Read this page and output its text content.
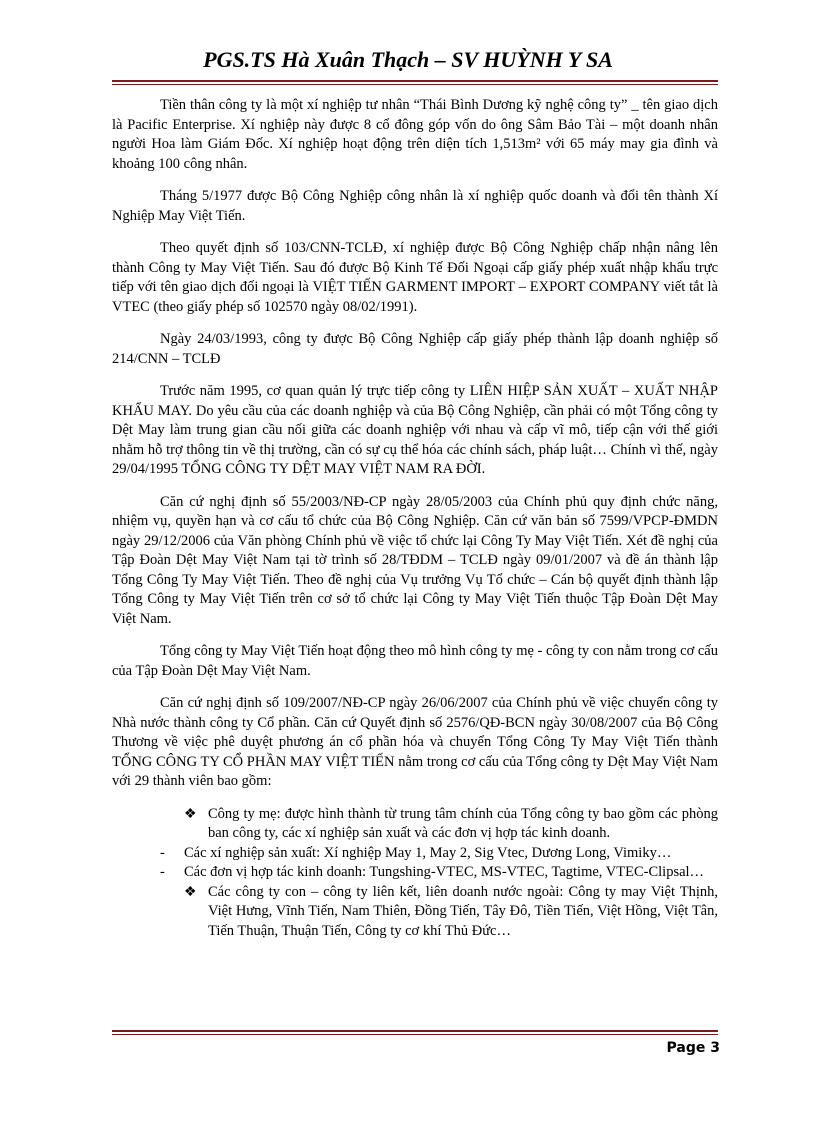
PGS.TS Hà Xuân Thạch – SV HUỲNH Y SA

Tiền thân công ty là một xí nghiệp tư nhân “Thái Bình Dương kỹ nghệ công ty” _ tên giao dịch là Pacific Enterprise. Xí nghiệp này được 8 cổ đông góp vốn do ông Sâm Bảo Tài – một doanh nhân người Hoa làm Giám Đốc. Xí nghiệp hoạt động trên diện tích 1,513m² với 65 máy may gia đình và khoảng 100 công nhân.

Tháng 5/1977 được Bộ Công Nghiệp công nhân là xí nghiệp quốc doanh và đổi tên thành Xí Nghiệp May Việt Tiến.

Theo quyết định số 103/CNN-TCLĐ, xí nghiệp được Bộ Công Nghiệp chấp nhận nâng lên thành Công ty May Việt Tiến. Sau đó được Bộ Kinh Tế Đối Ngoại cấp giấy phép xuất nhập khẩu trực tiếp với tên giao dịch đối ngoại là VIỆT TIẾN GARMENT IMPORT – EXPORT COMPANY viết tắt là VTEC (theo giấy phép số 102570 ngày 08/02/1991).

Ngày 24/03/1993, công ty được Bộ Công Nghiệp cấp giấy phép thành lập doanh nghiệp số 214/CNN – TCLĐ

Trước năm 1995, cơ quan quản lý trực tiếp công ty LIÊN HIỆP SẢN XUẤT – XUẤT NHẬP KHẨU MAY. Do yêu cầu của các doanh nghiệp và của Bộ Công Nghiệp, cần phải có một Tổng công ty Dệt May làm trung gian cầu nối giữa các doanh nghiệp với nhau và cấp vĩ mô, tiếp cận với thế giới nhằm hỗ trợ thông tin về thị trường, cần có sự cụ thể hóa các chính sách, pháp luật… Chính vì thế, ngày 29/04/1995 TỔNG CÔNG TY DỆT MAY VIỆT NAM RA ĐỜI.

Căn cứ nghị định số 55/2003/NĐ-CP ngày 28/05/2003 của Chính phủ quy định chức năng, nhiệm vụ, quyền hạn và cơ cấu tổ chức của Bộ Công Nghiệp. Căn cứ văn bản số 7599/VPCP-ĐMDN ngày 29/12/2006 của Văn phòng Chính phủ về việc tổ chức lại Công Ty May Việt Tiến. Xét đề nghị của Tập Đoàn Dệt May Việt Nam tại tờ trình số 28/TĐDM – TCLĐ ngày 09/01/2007 và đề án thành lập Tổng Công Ty May Việt Tiến. Theo đề nghị của Vụ trưởng Vụ Tổ chức – Cán bộ quyết định thành lập Tổng Công ty May Việt Tiến trên cơ sở tổ chức lại Công ty May Việt Tiến thuộc Tập Đoàn Dệt May Việt Nam.

Tổng công ty May Việt Tiến hoạt động theo mô hình công ty mẹ - công ty con nằm trong cơ cấu của Tập Đoàn Dệt May Việt Nam.

Căn cứ nghị định số 109/2007/NĐ-CP ngày 26/06/2007 của Chính phủ về việc chuyển công ty Nhà nước thành công ty Cổ phần. Căn cứ Quyết định số 2576/QĐ-BCN ngày 30/08/2007 của Bộ Công Thương về việc phê duyệt phương án cổ phần hóa và chuyển Tổng Công Ty May Việt Tiến thành TỔNG CÔNG TY CỔ PHẦN MAY VIỆT TIẾN nằm trong cơ cấu của Tổng công ty Dệt May Việt Nam với 29 thành viên bao gồm:

❖ Công ty mẹ: được hình thành từ trung tâm chính của Tổng công ty bao gồm các phòng ban công ty, các xí nghiệp sản xuất và các đơn vị hợp tác kinh doanh.
- Các xí nghiệp sản xuất: Xí nghiệp May 1, May 2, Sig Vtec, Dương Long, Vimiky…
- Các đơn vị hợp tác kinh doanh: Tungshing-VTEC, MS-VTEC, Tagtime, VTEC-Clipsal…
❖ Các công ty con – công ty liên kết, liên doanh nước ngoài: Công ty may Việt Thịnh, Việt Hưng, Vĩnh Tiến, Nam Thiên, Đồng Tiến, Tây Đô, Tiền Tiến, Việt Hồng, Việt Tân, Tiến Thuận, Thuận Tiến, Công ty cơ khí Thủ Đức…
Page 3
